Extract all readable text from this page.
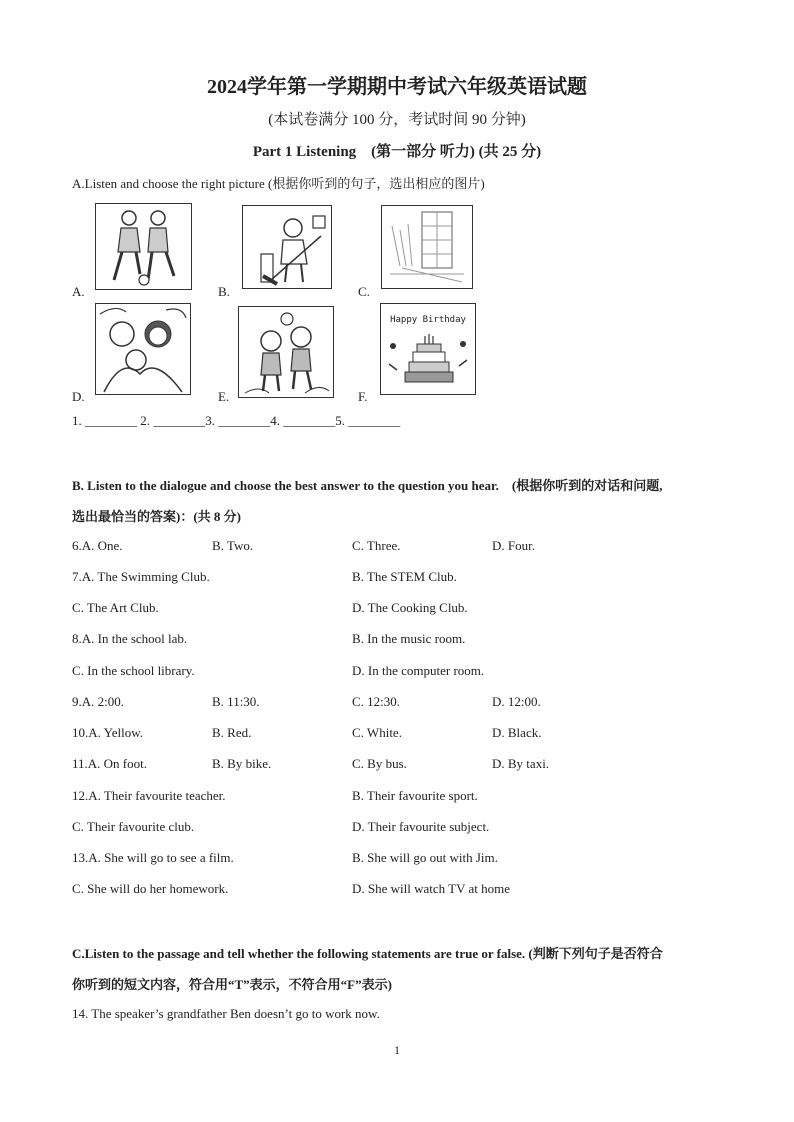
2024学年第一学期期中考试六年级英语试题
(本试卷满分 100 分，考试时间 90 分钟)
Part 1 Listening　(第一部分 听力) (共 25 分)
A.Listen and choose the right picture (根据你听到的句子，选出相应的图片)
A.	B.	C.
D.	E.	F.
Happy Birthday
1. ________ 2. ________3. ________4. ________5. ________
B. Listen to the dialogue and choose the best answer to the question you hear.　(根据你听到的对话和问题,
选出最恰当的答案)：(共 8 分)
6.A. One.	B. Two.	C. Three.	D. Four.
7.A. The Swimming Club.	B. The STEM Club.
C. The Art Club.	D. The Cooking Club.
8.A. In the school lab.	B. In the music room.
C. In the school library.	D. In the computer room.
9.A. 2:00.	B. 11:30.	C. 12:30.	D. 12:00.
10.A. Yellow.	B. Red.	C. White.	D. Black.
11.A. On foot.	B. By bike.	C. By bus.	D. By taxi.
12.A. Their favourite teacher.	B. Their favourite sport.
C. Their favourite club.	D. Their favourite subject.
13.A. She will go to see a film.	B. She will go out with Jim.
C. She will do her homework.	D. She will watch TV at home
C.Listen to the passage and tell whether the following statements are true or false. (判断下列句子是否符合
你听到的短文内容，符合用“T”表示，不符合用“F”表示)
14. The speaker’s grandfather Ben doesn’t go to work now.
1
